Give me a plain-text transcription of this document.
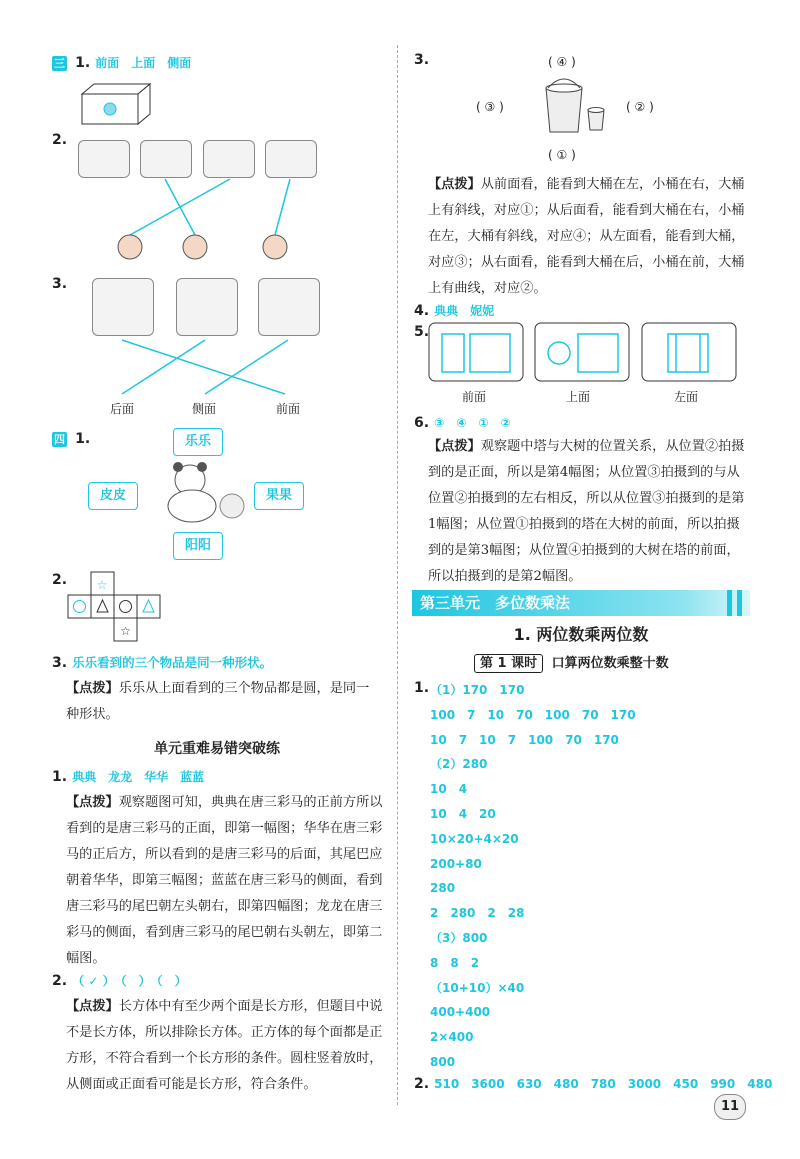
三 1. 前面　上面　侧面
2.
3.
后面	侧面	前面
四 1.	乐乐
皮皮	果果
阳阳
2. ☆
☆
3. 乐乐看到的三个物品是同一种形状。
【点拨】乐乐从上面看到的三个物品都是圆，是同一种形状。
单元重难易错突破练
1. 典典　龙龙　华华　蓝蓝
【点拨】观察题图可知，典典在唐三彩马的正前方所以看到的是唐三彩马的正面，即第一幅图；华华在唐三彩马的正后方，所以看到的是唐三彩马的后面，其尾巴应朝着华华，即第三幅图；蓝蓝在唐三彩马的侧面，看到唐三彩马的尾巴朝左头朝右，即第四幅图；龙龙在唐三彩马的侧面，看到唐三彩马的尾巴朝右头朝左，即第二幅图。
2. （ ✓ ）　（　）　（　）
【点拨】长方体中有至少两个面是长方形，但题目中说不是长方体，所以排除长方体。正方体的每个面都是正方形，不符合看到一个长方形的条件。圆柱竖着放时，从侧面或正面看可能是长方形，符合条件。
3.	( ④ )
( ③ )	( ② )
( ① )
【点拨】从前面看，能看到大桶在左，小桶在右，大桶上有斜线，对应①；从后面看，能看到大桶在右，小桶在左，大桶有斜线，对应④；从左面看，能看到大桶，对应③；从右面看，能看到大桶在后，小桶在前，大桶上有曲线，对应②。
4. 典典　妮妮
5.
前面	上面	左面
6. ③　④　①　②
【点拨】观察题中塔与大树的位置关系，从位置②拍摄到的是正面，所以是第4幅图；从位置③拍摄到的与从位置②拍摄到的左右相反，所以从位置③拍摄到的是第1幅图；从位置①拍摄到的塔在大树的前面，所以拍摄到的是第3幅图；从位置④拍摄到的大树在塔的前面，所以拍摄到的是第2幅图。
第三单元　多位数乘法
1. 两位数乘两位数
第 1 课时 口算两位数乘整十数
1. （1）170　170
100　7　10　70　100　70　170
10　7　10　7　100　70　170
（2）280
10　4
10　4　20
10×20+4×20
200+80
280
2　280　2　28
（3）800
8　8　2
（10+10）×40
400+400
2×400
800
2. 510　3600　630　480　780　3000　450　990　480
11
